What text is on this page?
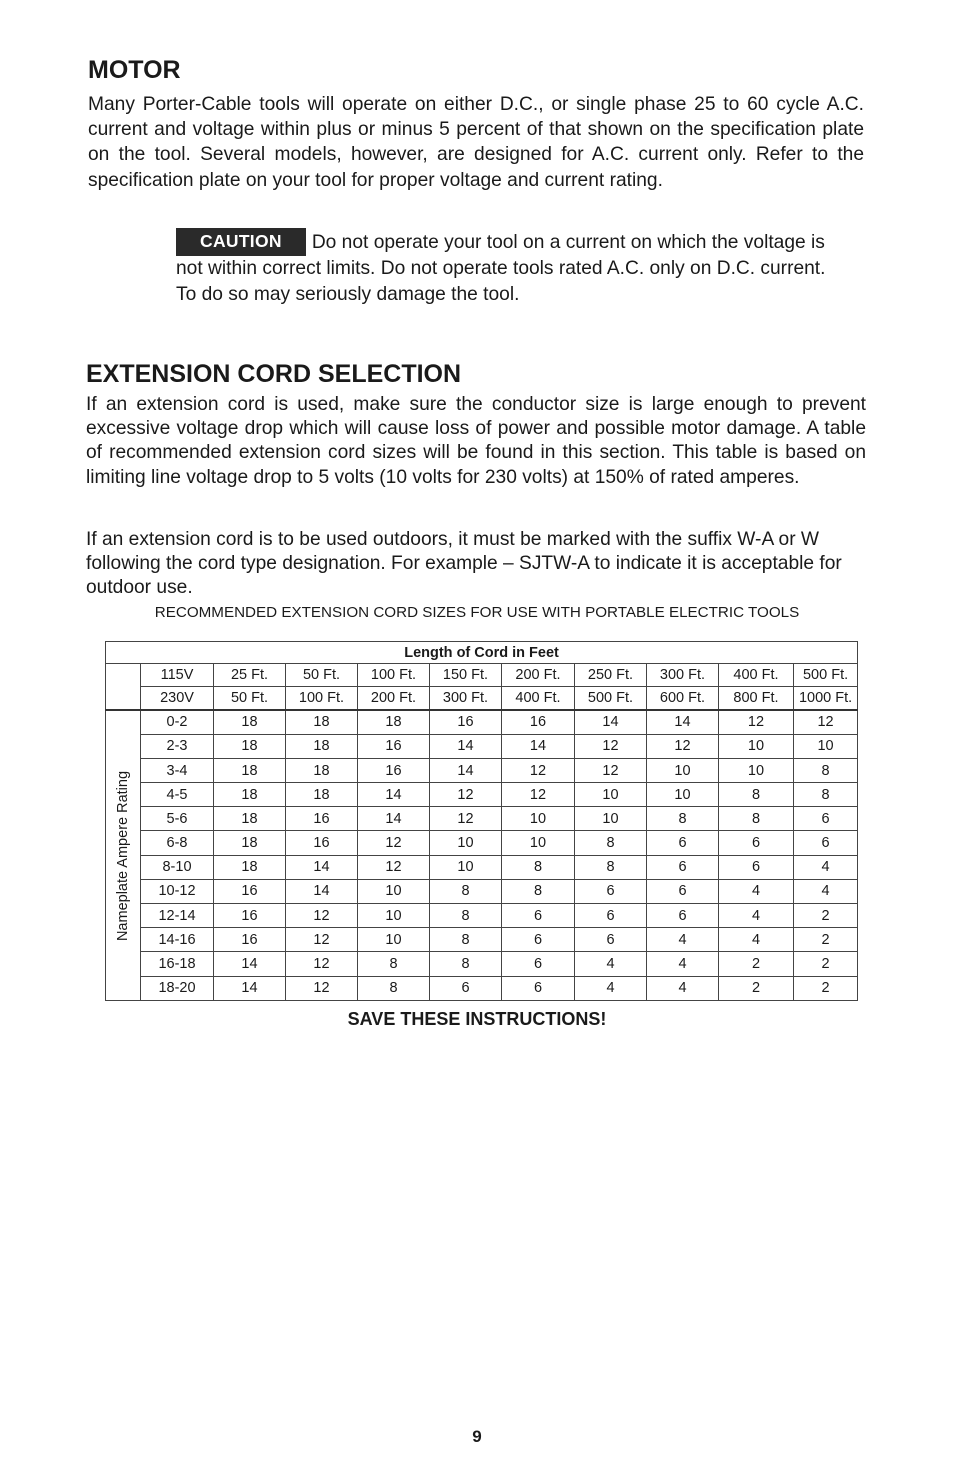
MOTOR

Many Porter-Cable tools will operate on either D.C., or single phase 25 to 60 cycle A.C. current and voltage within plus or minus 5 percent of that shown on the specification plate on the tool. Several models, however, are designed for A.C. current only. Refer to the specification plate on your tool for proper voltage and current rating.

CAUTION Do not operate your tool on a current on which the voltage is not within correct limits. Do not operate tools rated A.C. only on D.C. current. To do so may seriously damage the tool.
EXTENSION CORD SELECTION

If an extension cord is used, make sure the conductor size is large enough to prevent excessive voltage drop which will cause loss of power and possible motor damage. A table of recommended extension cord sizes will be found in this section. This table is based on limiting line voltage drop to 5 volts (10 volts for 230 volts) at 150% of rated amperes.

If an extension cord is to be used outdoors, it must be marked with the suffix W-A or W following the cord type designation. For example – SJTW-A to indicate it is acceptable for outdoor use.

RECOMMENDED EXTENSION CORD SIZES FOR USE WITH PORTABLE ELECTRIC TOOLS
Length of Cord in Feet										
	115V	25 Ft.	50 Ft.	100 Ft.	150 Ft.	200 Ft.	250 Ft.	300 Ft.	400 Ft.	500 Ft.
	230V	50 Ft.	100 Ft.	200 Ft.	300 Ft.	400 Ft.	500 Ft.	600 Ft.	800 Ft.	1000 Ft.

Nameplate Ampere Rating	0-2	18	18	18	16	16	14	14	12	12
	2-3	18	18	16	14	14	12	12	10	10
	3-4	18	18	16	14	12	12	10	10	8
	4-5	18	18	14	12	12	10	10	8	8
	5-6	18	16	14	12	10	10	8	8	6
	6-8	18	16	12	10	10	8	6	6	6
	8-10	18	14	12	10	8	8	6	6	4
	10-12	16	14	10	8	8	6	6	4	4
	12-14	16	12	10	8	6	6	6	4	2
	14-16	16	12	10	8	6	6	4	4	2
	16-18	14	12	8	8	6	4	4	2	2
	18-20	14	12	8	6	6	4	4	2	2
SAVE THESE INSTRUCTIONS!
9
